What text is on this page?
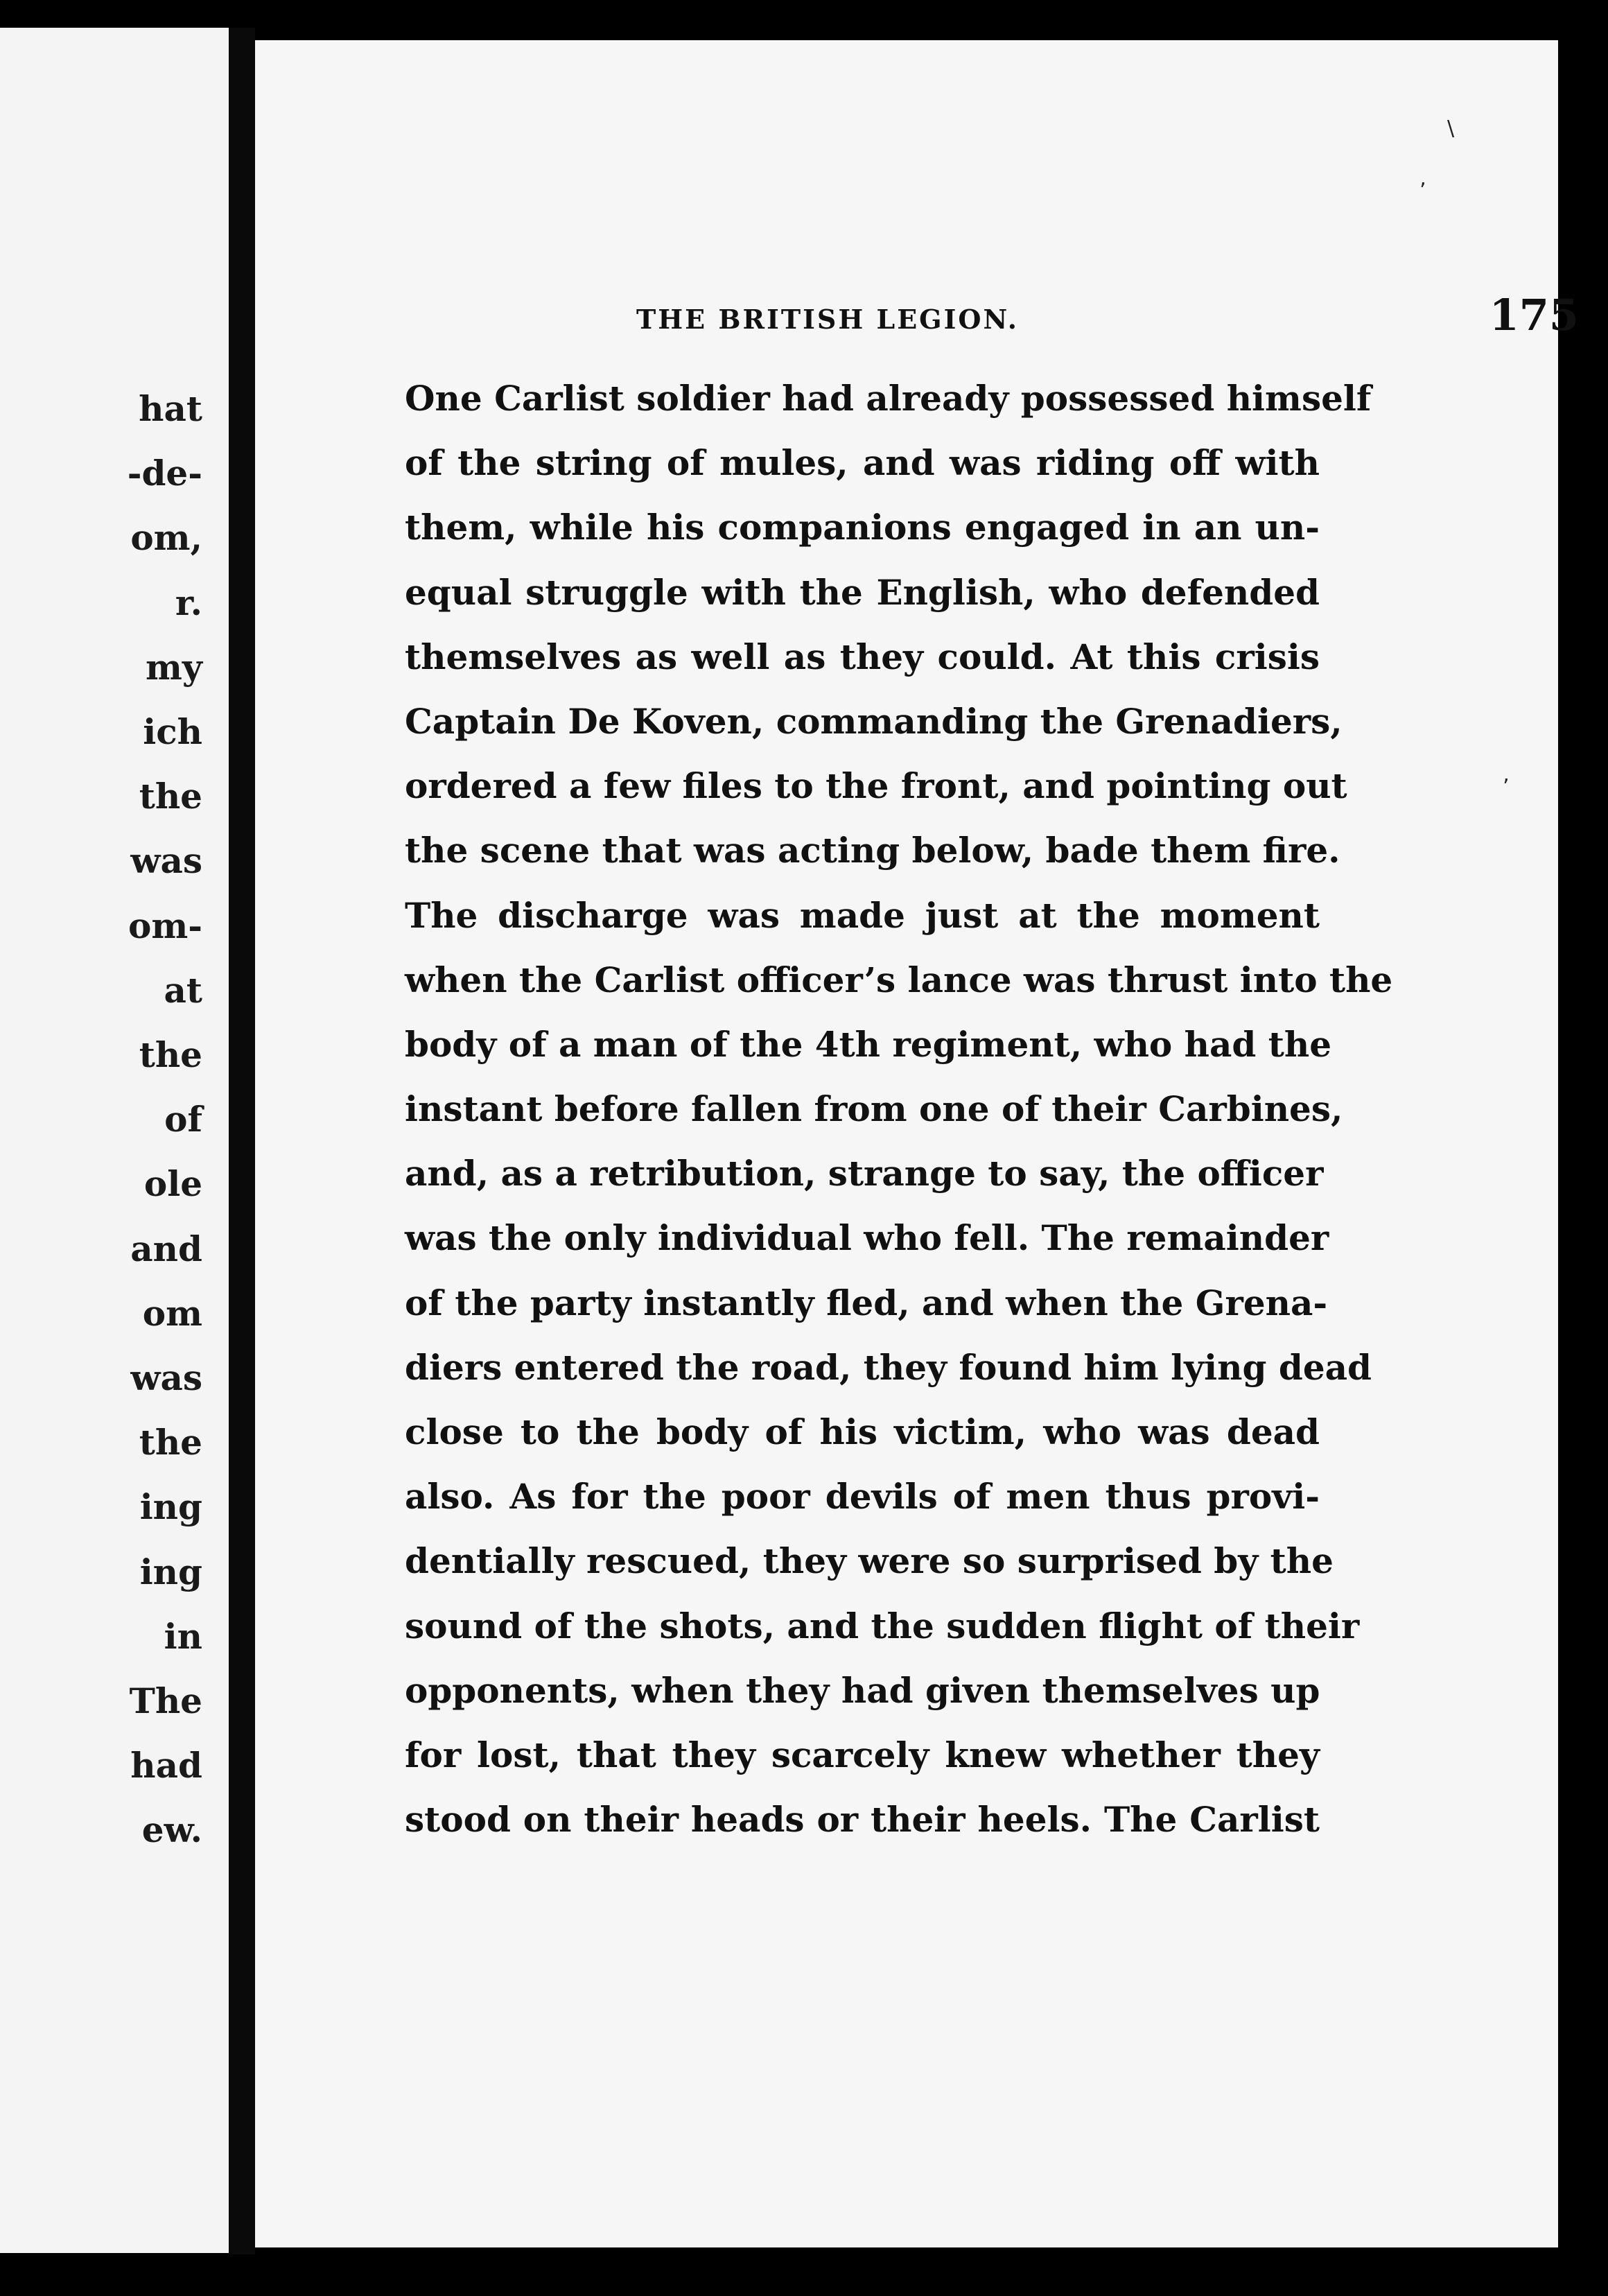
hat
-de-
om,
r.
my
ich
the
was
om-
at
the
of
ole
and
om
was
the
ing
ing
in
The
had
ew.
THE BRITISH LEGION.	175
One Carlist soldier had already possessed himself
of the string of mules, and was riding off with
them, while his companions engaged in an un-
equal struggle with the English, who defended
themselves as well as they could. At this crisis
Captain De Koven, commanding the Grenadiers,
ordered a few files to the front, and pointing out
the scene that was acting below, bade them fire.
The discharge was made just at the moment
when the Carlist officer’s lance was thrust into the
body of a man of the 4th regiment, who had the
instant before fallen from one of their Carbines,
and, as a retribution, strange to say, the officer
was the only individual who fell. The remainder
of the party instantly fled, and when the Grena-
diers entered the road, they found him lying dead
close to the body of his victim, who was dead
also. As for the poor devils of men thus provi-
dentially rescued, they were so surprised by the
sound of the shots, and the sudden flight of their
opponents, when they had given themselves up
for lost, that they scarcely knew whether they
stood on their heads or their heels. The Carlist
\
ʼ
ʼ
